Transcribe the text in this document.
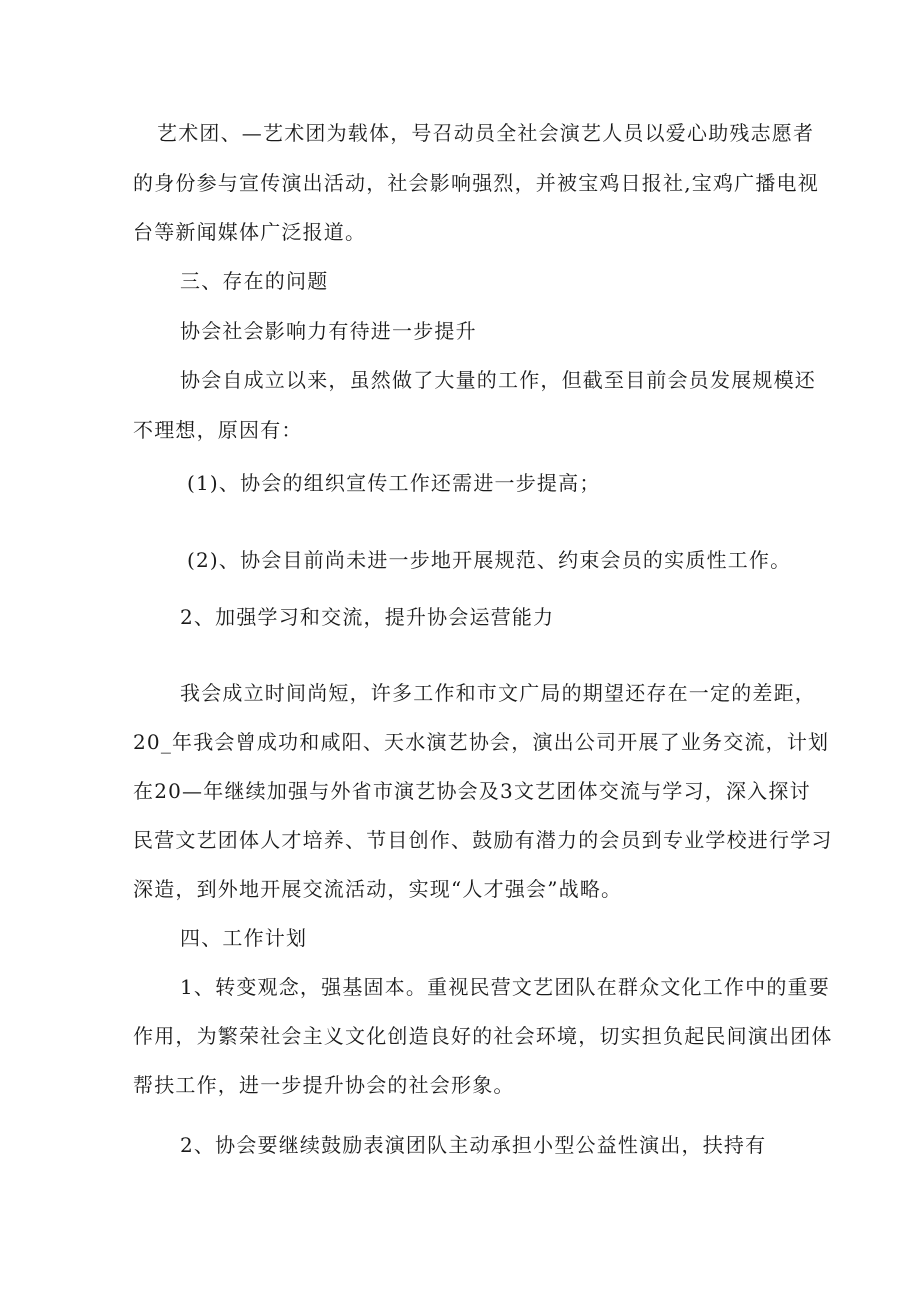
艺术团、—艺术团为载体，号召动员全社会演艺人员以爱心助残志愿者
的身份参与宣传演出活动，社会影响强烈，并被宝鸡日报社,宝鸡广播电视
台等新闻媒体广泛报道。
三、存在的问题
协会社会影响力有待进一步提升
协会自成立以来，虽然做了大量的工作，但截至目前会员发展规模还
不理想，原因有：
(1)、协会的组织宣传工作还需进一步提高；
(2)、协会目前尚未进一步地开展规范、约束会员的实质性工作。
2、加强学习和交流，提升协会运营能力
我会成立时间尚短，许多工作和市文广局的期望还存在一定的差距，
20_年我会曾成功和咸阳、天水演艺协会，演出公司开展了业务交流，计划
在20—年继续加强与外省市演艺协会及3文艺团体交流与学习，深入探讨
民营文艺团体人才培养、节目创作、鼓励有潜力的会员到专业学校进行学习
深造，到外地开展交流活动，实现“人才强会”战略。
四、工作计划
1、转变观念，强基固本。重视民营文艺团队在群众文化工作中的重要
作用，为繁荣社会主义文化创造良好的社会环境，切实担负起民间演出团体
帮扶工作，进一步提升协会的社会形象。
2、协会要继续鼓励表演团队主动承担小型公益性演出，扶持有
